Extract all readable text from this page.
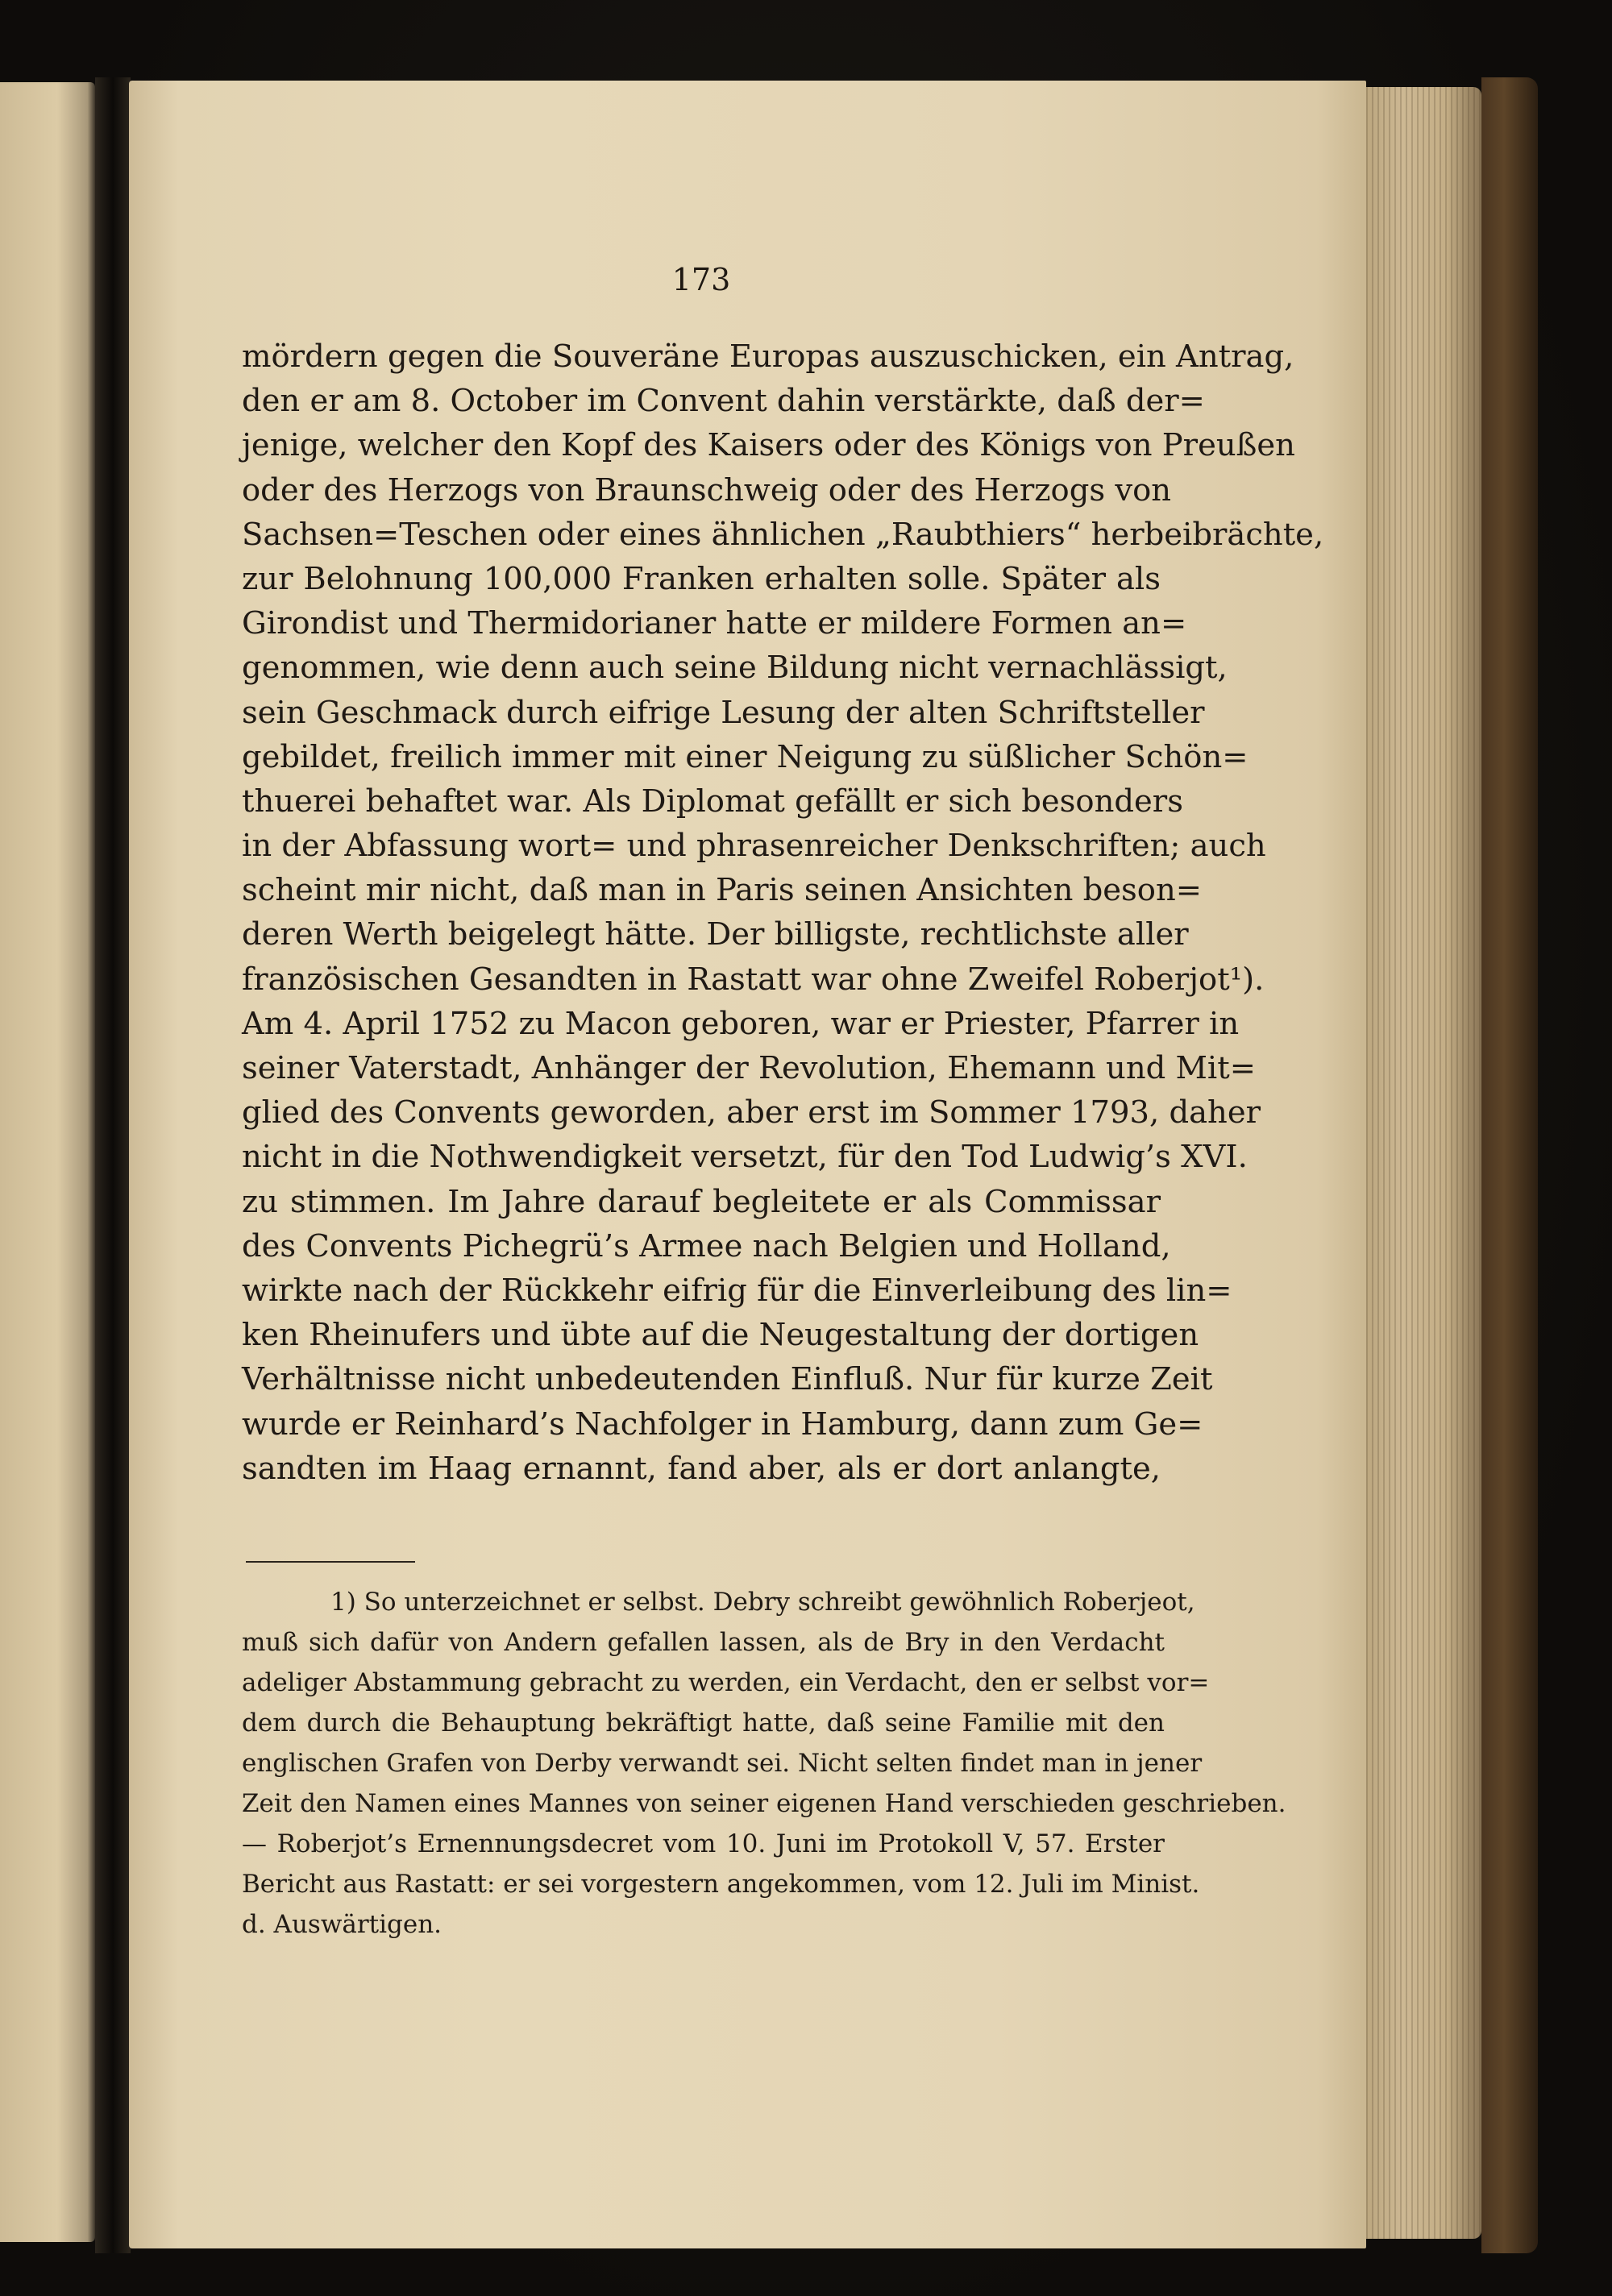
173
mördern gegen die Souveräne Europas auszuschicken, ein Antrag,
den er am 8. October im Convent dahin verstärkte, daß der=
jenige, welcher den Kopf des Kaisers oder des Königs von Preußen
oder des Herzogs von Braunschweig oder des Herzogs von
Sachsen=Teschen oder eines ähnlichen „Raubthiers“ herbeibrächte,
zur Belohnung 100,000 Franken erhalten solle. Später als
Girondist und Thermidorianer hatte er mildere Formen an=
genommen, wie denn auch seine Bildung nicht vernachlässigt,
sein Geschmack durch eifrige Lesung der alten Schriftsteller
gebildet, freilich immer mit einer Neigung zu süßlicher Schön=
thuerei behaftet war. Als Diplomat gefällt er sich besonders
in der Abfassung wort= und phrasenreicher Denkschriften; auch
scheint mir nicht, daß man in Paris seinen Ansichten beson=
deren Werth beigelegt hätte. Der billigste, rechtlichste aller
französischen Gesandten in Rastatt war ohne Zweifel Roberjot¹).
Am 4. April 1752 zu Macon geboren, war er Priester, Pfarrer in
seiner Vaterstadt, Anhänger der Revolution, Ehemann und Mit=
glied des Convents geworden, aber erst im Sommer 1793, daher
nicht in die Nothwendigkeit versetzt, für den Tod Ludwig’s XVI.
zu stimmen. Im Jahre darauf begleitete er als Commissar
des Convents Pichegrü’s Armee nach Belgien und Holland,
wirkte nach der Rückkehr eifrig für die Einverleibung des lin=
ken Rheinufers und übte auf die Neugestaltung der dortigen
Verhältnisse nicht unbedeutenden Einfluß. Nur für kurze Zeit
wurde er Reinhard’s Nachfolger in Hamburg, dann zum Ge=
sandten im Haag ernannt, fand aber, als er dort anlangte,
1) So unterzeichnet er selbst. Debry schreibt gewöhnlich Roberjeot,
muß sich dafür von Andern gefallen lassen, als de Bry in den Verdacht
adeliger Abstammung gebracht zu werden, ein Verdacht, den er selbst vor=
dem durch die Behauptung bekräftigt hatte, daß seine Familie mit den
englischen Grafen von Derby verwandt sei. Nicht selten findet man in jener
Zeit den Namen eines Mannes von seiner eigenen Hand verschieden geschrieben.
— Roberjot’s Ernennungsdecret vom 10. Juni im Protokoll V, 57. Erster
Bericht aus Rastatt: er sei vorgestern angekommen, vom 12. Juli im Minist.
d. Auswärtigen.
